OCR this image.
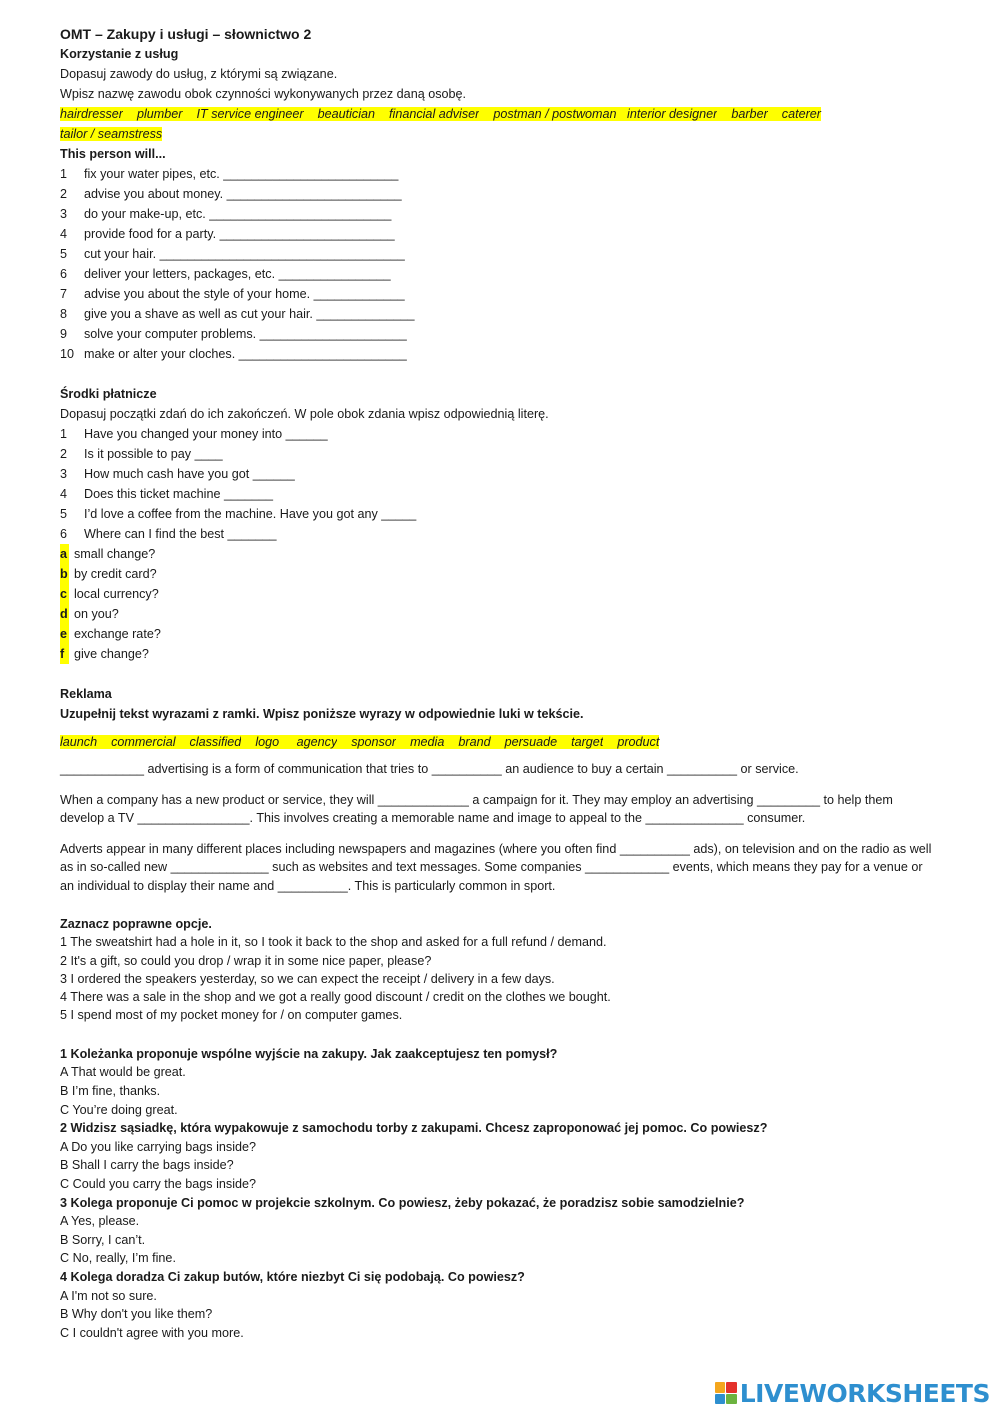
OMT – Zakupy i usługi – słownictwo 2

Korzystanie z usług

Dopasuj zawody do usług, z którymi są związane.

Wpisz nazwę zawodu obok czynności wykonywanych przez daną osobę.

hairdresser plumber IT service engineer beautician financial adviser postman / postwoman interior designer barber caterer
tailor / seamstress

This person will...

1 fix your water pipes, etc. _________________________

2 advise you about money. _________________________

3 do your make-up, etc. __________________________

4 provide food for a party. _________________________

5 cut your hair. ___________________________________

6 deliver your letters, packages, etc. ________________

7 advise you about the style of your home. _____________

8 give you a shave as well as cut your hair. ______________

9 solve your computer problems. _____________________

10 make or alter your cloches. ________________________

Środki płatnicze

Dopasuj początki zdań do ich zakończeń. W pole obok zdania wpisz odpowiednią literę.

1 Have you changed your money into ______

2 Is it possible to pay ____

3 How much cash have you got ______

4 Does this ticket machine _______

5 I’d love a coffee from the machine. Have you got any _____

6 Where can I find the best _______

a small change?

b by credit card?

c local currency?

d on you?

e exchange rate?

f give change?

Reklama

Uzupełnij tekst wyrazami z ramki. Wpisz poniższe wyrazy w odpowiednie luki w tekście.

launch commercial classified logo agency sponsor media brand persuade target product

____________ advertising is a form of communication that tries to __________ an audience to buy a certain __________ or service.

When a company has a new product or service, they will _____________ a campaign for it. They may employ an advertising _________ to help them develop a TV ________________. This involves creating a memorable name and image to appeal to the ______________ consumer.

Adverts appear in many different places including newspapers and magazines (where you often find __________ ads), on television and on the radio as well as in so-called new ______________ such as websites and text messages. Some companies ____________ events, which means they pay for a venue or an individual to display their name and __________. This is particularly common in sport.

Zaznacz poprawne opcje.

1 The sweatshirt had a hole in it, so I took it back to the shop and asked for a full refund / demand.

2 It's a gift, so could you drop / wrap it in some nice paper, please?

3 I ordered the speakers yesterday, so we can expect the receipt / delivery in a few days.

4 There was a sale in the shop and we got a really good discount / credit on the clothes we bought.

5 I spend most of my pocket money for / on computer games.

1 Koleżanka proponuje wspólne wyjście na zakupy. Jak zaakceptujesz ten pomysł?

A That would be great.

B I’m fine, thanks.

C You’re doing great.

2 Widzisz sąsiadkę, która wypakowuje z samochodu torby z zakupami. Chcesz zaproponować jej pomoc. Co powiesz?

A Do you like carrying bags inside?

B Shall I carry the bags inside?

C Could you carry the bags inside?

3 Kolega proponuje Ci pomoc w projekcie szkolnym. Co powiesz, żeby pokazać, że poradzisz sobie samodzielnie?

A Yes, please.

B Sorry, I can’t.

C No, really, I’m fine.

4 Kolega doradza Ci zakup butów, które niezbyt Ci się podobają. Co powiesz?

A I'm not so sure.

B Why don't you like them?

C I couldn't agree with you more.

LIVEWORKSHEETS
